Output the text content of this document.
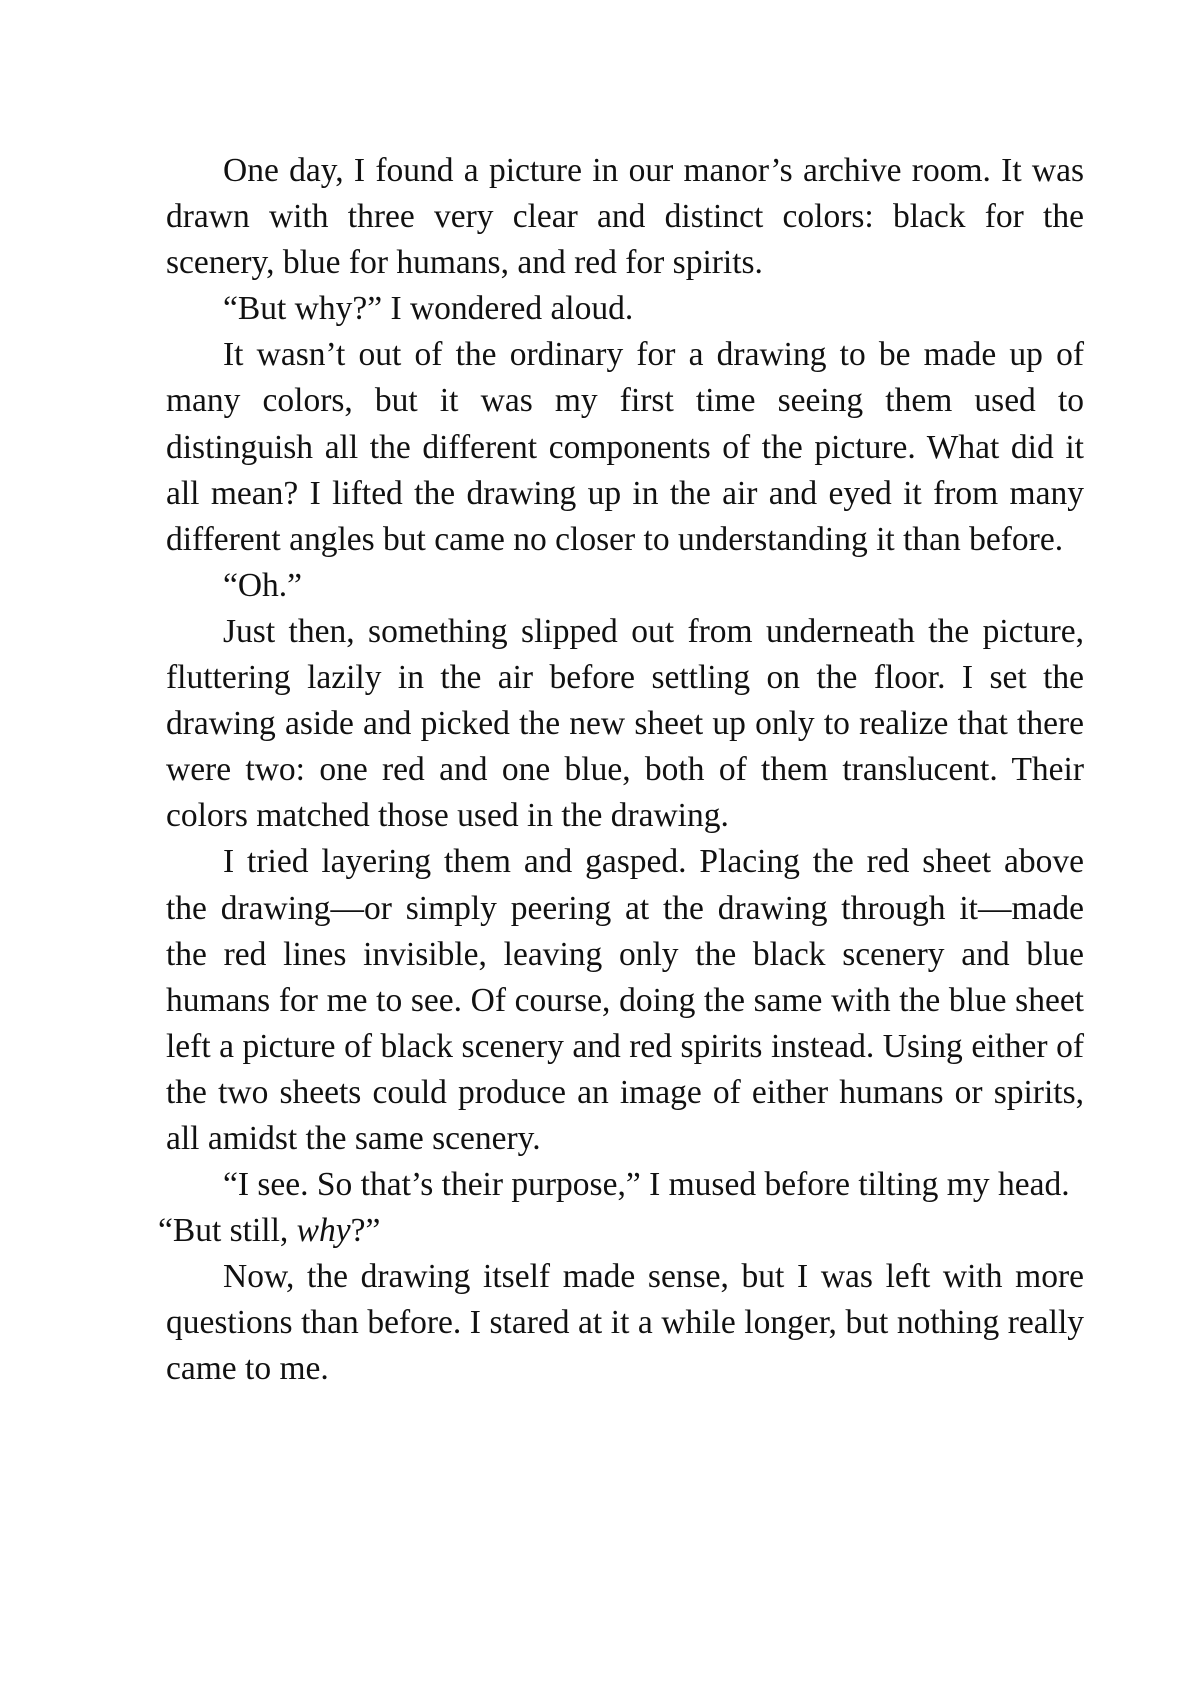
One day, I found a picture in our manor’s archive room. It was drawn with three very clear and distinct colors: black for the scenery, blue for humans, and red for spirits.

“But why?” I wondered aloud.

It wasn’t out of the ordinary for a drawing to be made up of many colors, but it was my first time seeing them used to distinguish all the different components of the picture. What did it all mean? I lifted the drawing up in the air and eyed it from many different angles but came no closer to understanding it than before.

“Oh.”

Just then, something slipped out from underneath the picture, fluttering lazily in the air before settling on the floor. I set the drawing aside and picked the new sheet up only to realize that there were two: one red and one blue, both of them translucent. Their colors matched those used in the drawing.

I tried layering them and gasped. Placing the red sheet above the drawing—or simply peering at the drawing through it—made the red lines invisible, leaving only the black scenery and blue humans for me to see. Of course, doing the same with the blue sheet left a picture of black scenery and red spirits instead. Using either of the two sheets could produce an image of either humans or spirits, all amidst the same scenery.

“I see. So that’s their purpose,” I mused before tilting my head.

“But still, why?”

Now, the drawing itself made sense, but I was left with more questions than before. I stared at it a while longer, but nothing really came to me.
